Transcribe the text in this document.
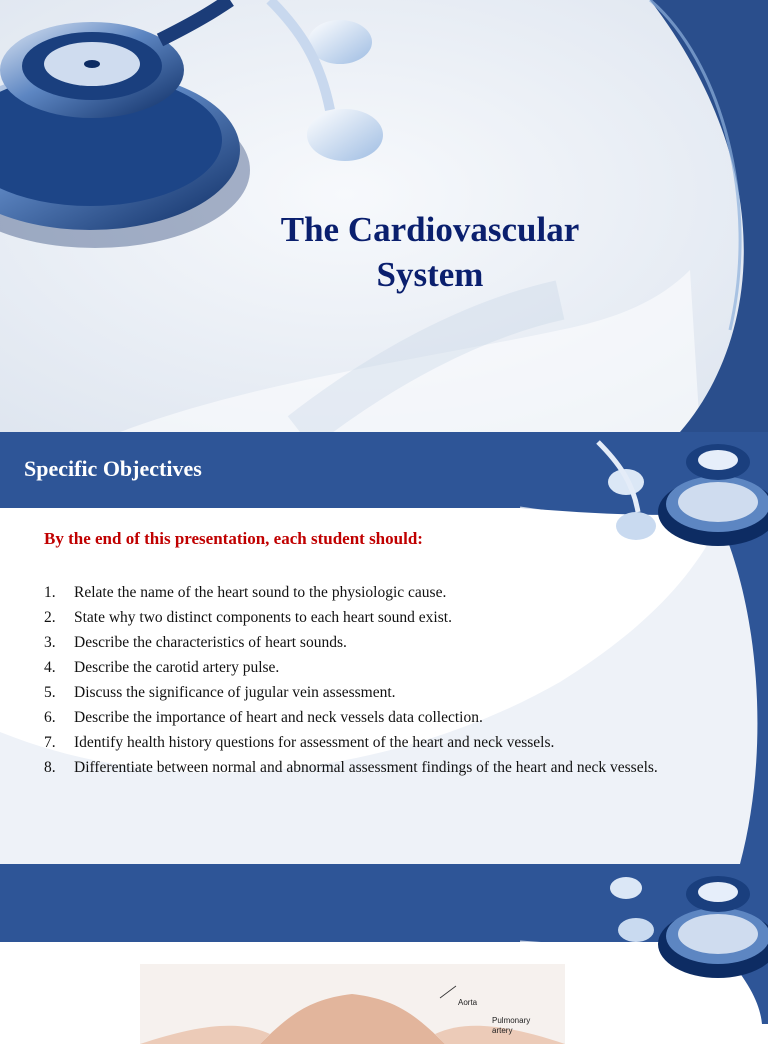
The Cardiovascular
System
Specific Objectives
By the end of this presentation, each student should:
1. Relate the name of the heart sound to the physiologic cause.
2. State why two distinct components to each heart sound exist.
3. Describe the characteristics of heart sounds.
4. Describe the carotid artery pulse.
5. Discuss the significance of jugular vein assessment.
6. Describe the importance of heart and neck vessels data collection.
7. Identify health history questions for assessment of the heart and neck vessels.
8. Differentiate between normal and abnormal assessment findings of the heart and neck vessels.
Aorta
Pulmonary
artery
